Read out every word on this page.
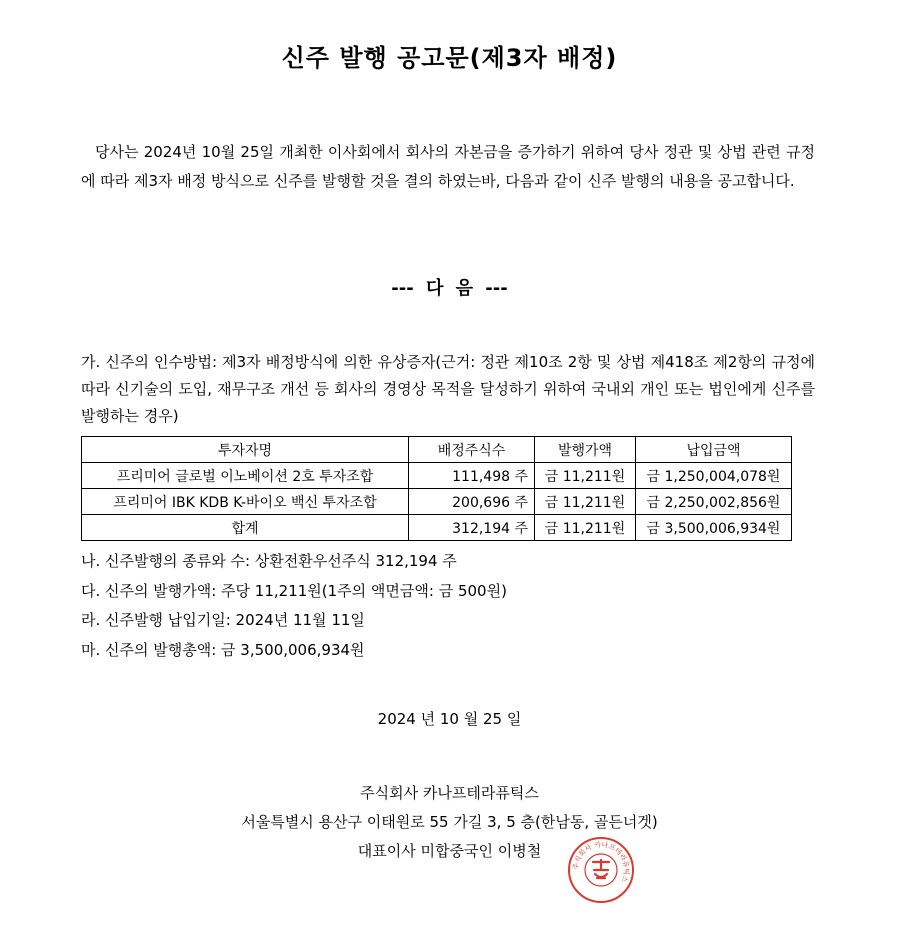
신주 발행 공고문(제3자 배정)

당사는 2024년 10월 25일 개최한 이사회에서 회사의 자본금을 증가하기 위하여 당사 정관 및 상법 관련 규정에 따라 제3자 배정 방식으로 신주를 발행할 것을 결의 하였는바, 다음과 같이 신주 발행의 내용을 공고합니다.

--- 다 음 ---

가. 신주의 인수방법: 제3자 배정방식에 의한 유상증자(근거: 정관 제10조 2항 및 상법 제418조 제2항의 규정에 따라 신기술의 도입, 재무구조 개선 등 회사의 경영상 목적을 달성하기 위하여 국내외 개인 또는 법인에게 신주를 발행하는 경우)

투자자명	배정주식수	발행가액	납입금액
프리미어 글로벌 이노베이션 2호 투자조합	111,498 주	금 11,211원	금 1,250,004,078원
프리미어 IBK KDB K-바이오 백신 투자조합	200,696 주	금 11,211원	금 2,250,002,856원
합계	312,194 주	금 11,211원	금 3,500,006,934원
나. 신주발행의 종류와 수: 상환전환우선주식 312,194 주
다. 신주의 발행가액: 주당 11,211원(1주의 액면금액: 금 500원)
라. 신주발행 납입기일: 2024년 11월 11일
마. 신주의 발행총액: 금 3,500,006,934원
2024 년 10 월 25 일
주식회사 카나프테라퓨틱스
서울특별시 용산구 이태원로 55 가길 3, 5 층(한남동, 골든너겟)
대표이사 미합중국인 이병철
주식회사 카나프테라퓨틱스
